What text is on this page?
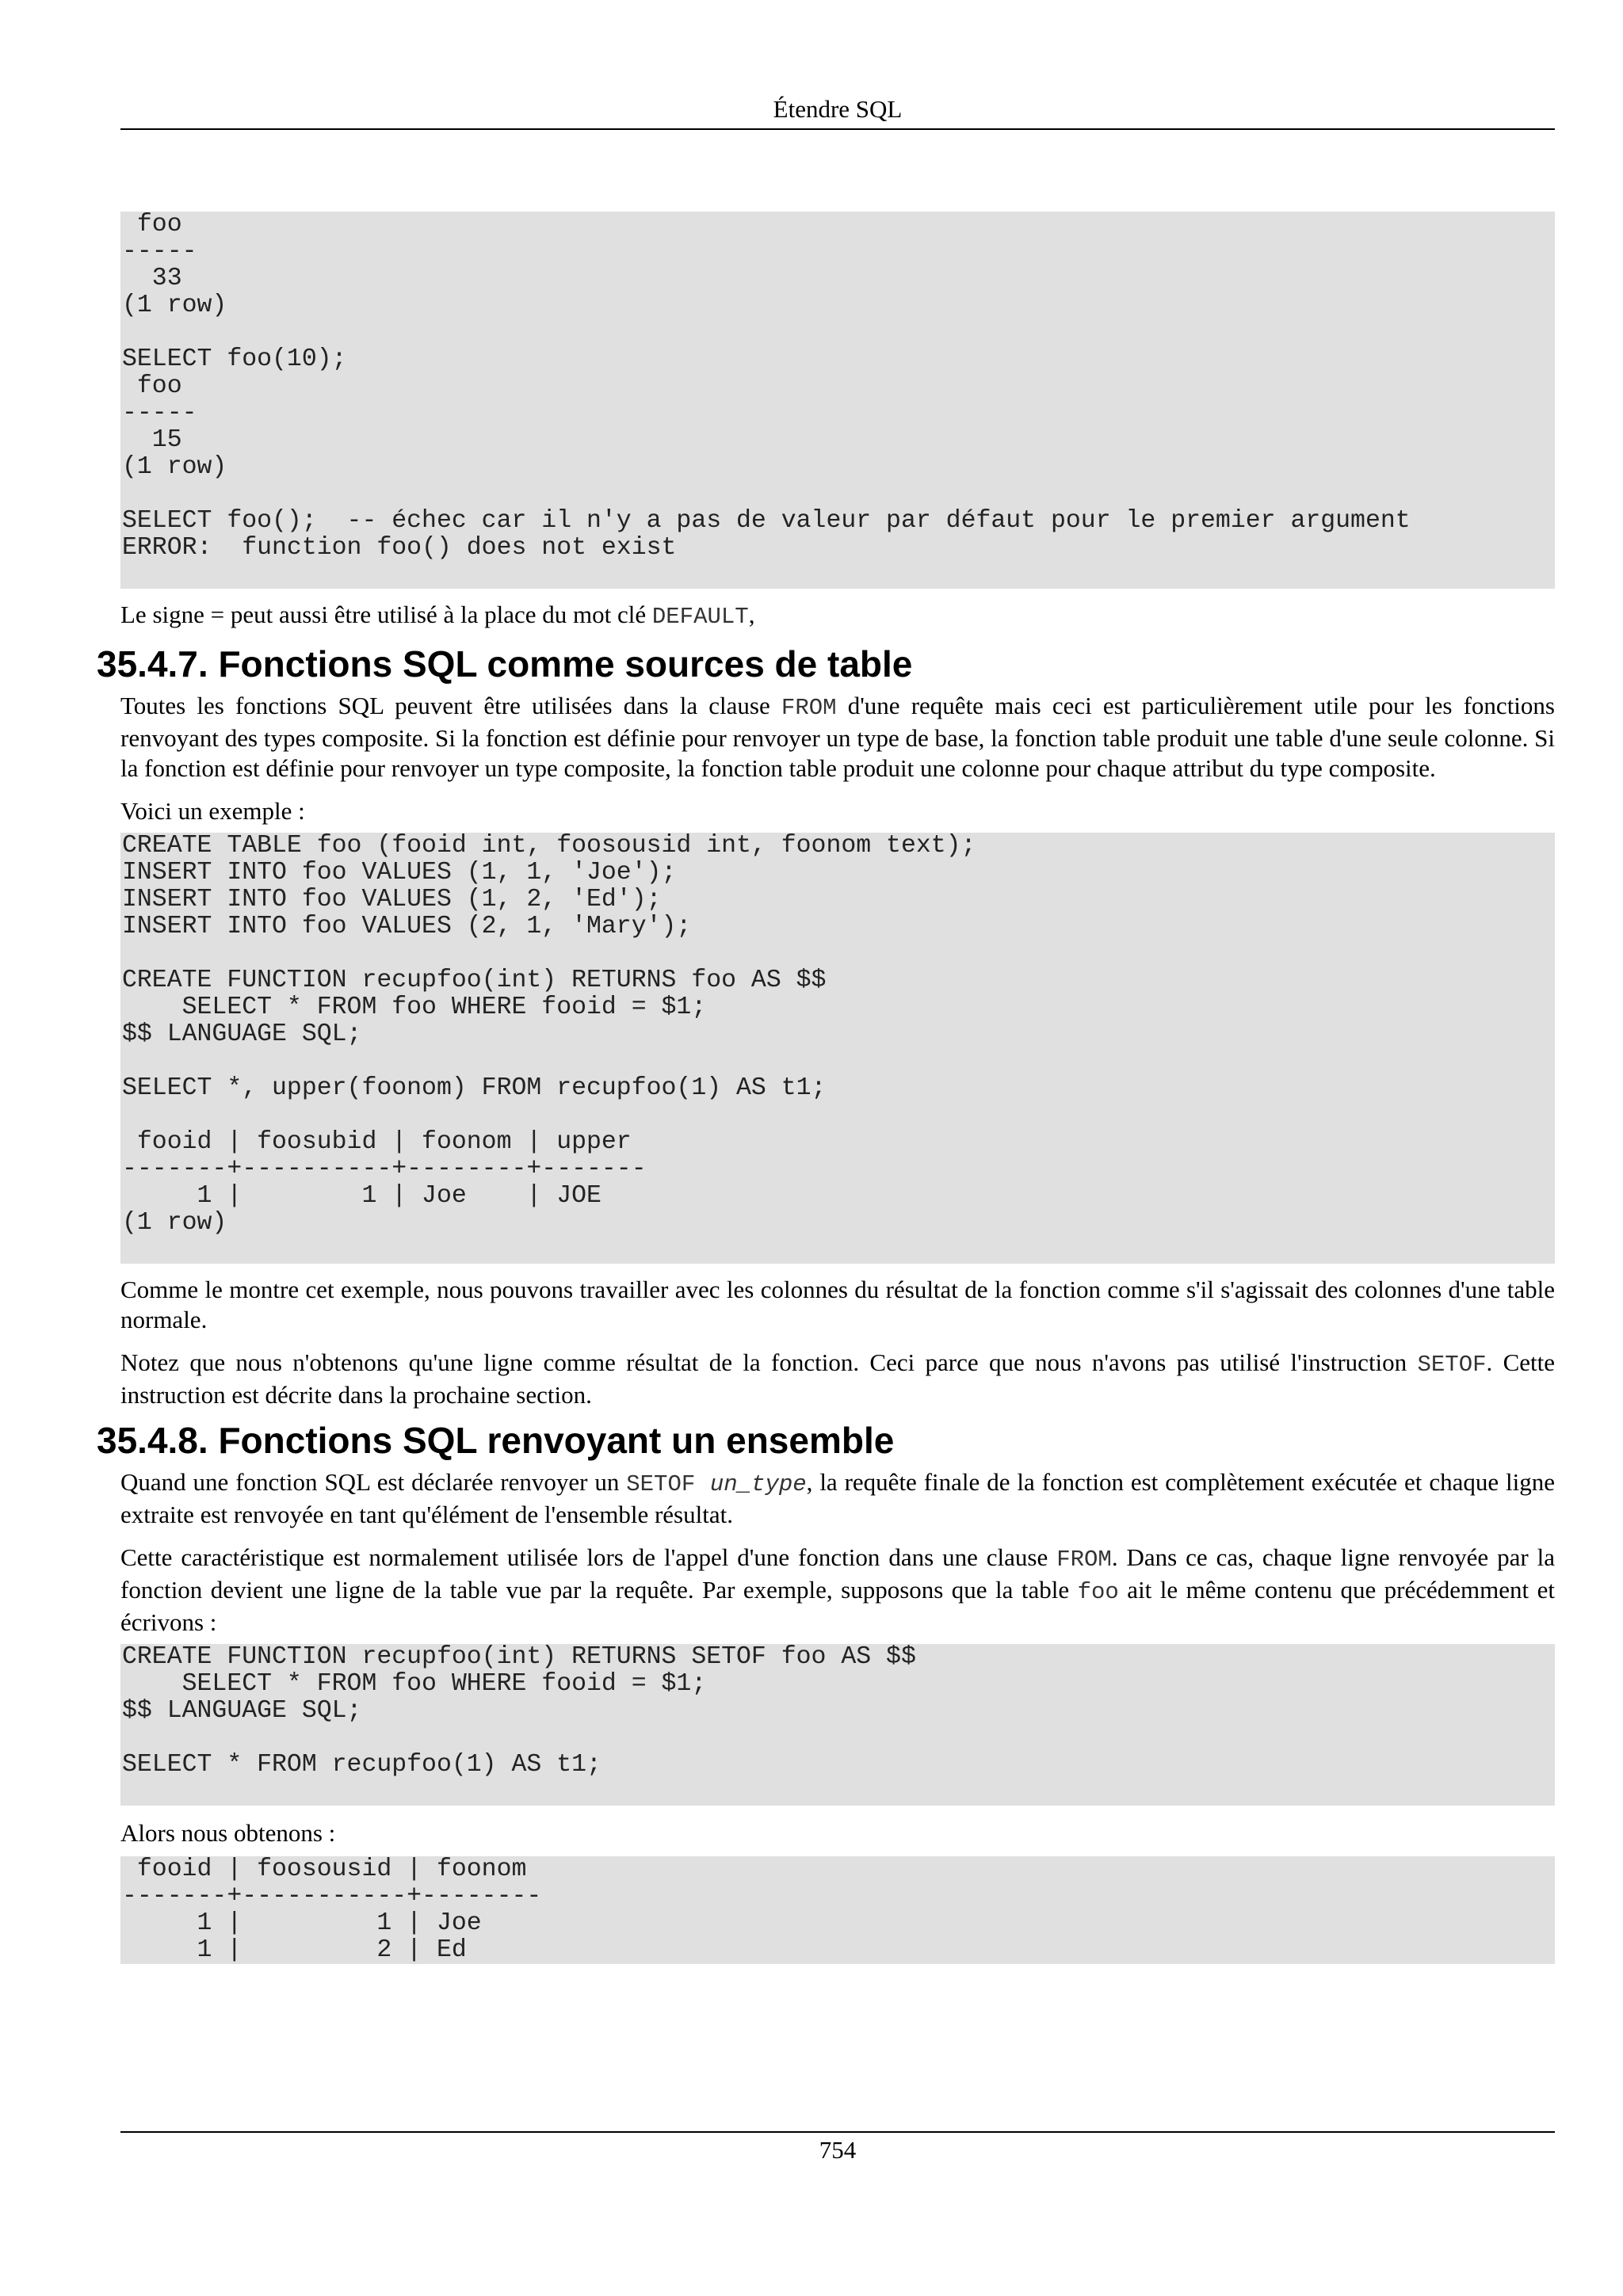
Étendre SQL
foo
-----
33
(1 row)

SELECT foo(10);
foo
-----
15
(1 row)

SELECT foo();  -- échec car il n'y a pas de valeur par défaut pour le premier argument
ERROR:  function foo() does not exist

Le signe = peut aussi être utilisé à la place du mot clé DEFAULT,

35.4.7. Fonctions SQL comme sources de table

Toutes les fonctions SQL peuvent être utilisées dans la clause FROM d'une requête mais ceci est particulièrement utile pour les fonctions renvoyant des types composite. Si la fonction est définie pour renvoyer un type de base, la fonction table produit une table d'une seule colonne. Si la fonction est définie pour renvoyer un type composite, la fonction table produit une colonne pour chaque attribut du type composite.

Voici un exemple :

CREATE TABLE foo (fooid int, foosousid int, foonom text);
INSERT INTO foo VALUES (1, 1, 'Joe');
INSERT INTO foo VALUES (1, 2, 'Ed');
INSERT INTO foo VALUES (2, 1, 'Mary');

CREATE FUNCTION recupfoo(int) RETURNS foo AS $$
SELECT * FROM foo WHERE fooid = $1;
$$ LANGUAGE SQL;

SELECT *, upper(foonom) FROM recupfoo(1) AS t1;

fooid | foosubid | foonom | upper
-------+----------+--------+-------
1 |        1 | Joe    | JOE
(1 row)

Comme le montre cet exemple, nous pouvons travailler avec les colonnes du résultat de la fonction comme s'il s'agissait des colonnes d'une table normale.

Notez que nous n'obtenons qu'une ligne comme résultat de la fonction. Ceci parce que nous n'avons pas utilisé l'instruction SETOF. Cette instruction est décrite dans la prochaine section.

35.4.8. Fonctions SQL renvoyant un ensemble

Quand une fonction SQL est déclarée renvoyer un SETOF un_type, la requête finale de la fonction est complètement exécutée et chaque ligne extraite est renvoyée en tant qu'élément de l'ensemble résultat.

Cette caractéristique est normalement utilisée lors de l'appel d'une fonction dans une clause FROM. Dans ce cas, chaque ligne renvoyée par la fonction devient une ligne de la table vue par la requête. Par exemple, supposons que la table foo ait le même contenu que précédemment et écrivons :

CREATE FUNCTION recupfoo(int) RETURNS SETOF foo AS $$
SELECT * FROM foo WHERE fooid = $1;
$$ LANGUAGE SQL;

SELECT * FROM recupfoo(1) AS t1;

Alors nous obtenons :

fooid | foosousid | foonom
-------+-----------+--------
1 |         1 | Joe
1 |         2 | Ed
754
